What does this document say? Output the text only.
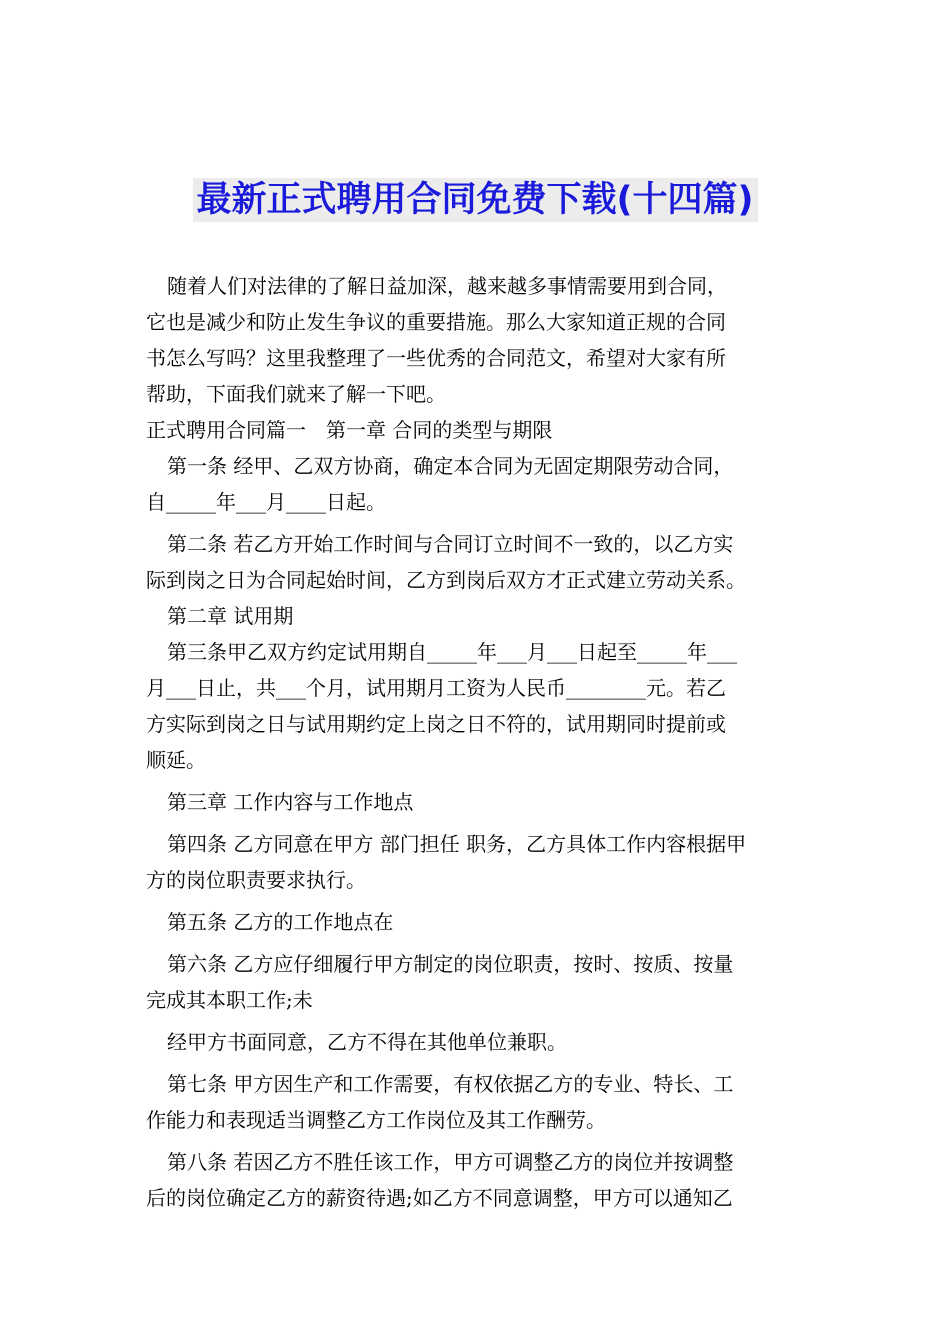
最新正式聘用合同免费下载(十四篇)
随着人们对法律的了解日益加深，越来越多事情需要用到合同，
它也是减少和防止发生争议的重要措施。那么大家知道正规的合同
书怎么写吗？这里我整理了一些优秀的合同范文，希望对大家有所
帮助，下面我们就来了解一下吧。
正式聘用合同篇一　第一章 合同的类型与期限
第一条 经甲、乙双方协商，确定本合同为无固定期限劳动合同，
自_____年___月____日起。
第二条 若乙方开始工作时间与合同订立时间不一致的，以乙方实
际到岗之日为合同起始时间，乙方到岗后双方才正式建立劳动关系。
第二章 试用期
第三条甲乙双方约定试用期自_____年___月___日起至_____年___
月___日止，共___个月，试用期月工资为人民币________元。若乙
方实际到岗之日与试用期约定上岗之日不符的，试用期同时提前或
顺延。
第三章 工作内容与工作地点
第四条 乙方同意在甲方 部门担任 职务，乙方具体工作内容根据甲
方的岗位职责要求执行。
第五条 乙方的工作地点在
第六条 乙方应仔细履行甲方制定的岗位职责，按时、按质、按量
完成其本职工作;未
经甲方书面同意，乙方不得在其他单位兼职。
第七条 甲方因生产和工作需要，有权依据乙方的专业、特长、工
作能力和表现适当调整乙方工作岗位及其工作酬劳。
第八条 若因乙方不胜任该工作，甲方可调整乙方的岗位并按调整
后的岗位确定乙方的薪资待遇;如乙方不同意调整，甲方可以通知乙
